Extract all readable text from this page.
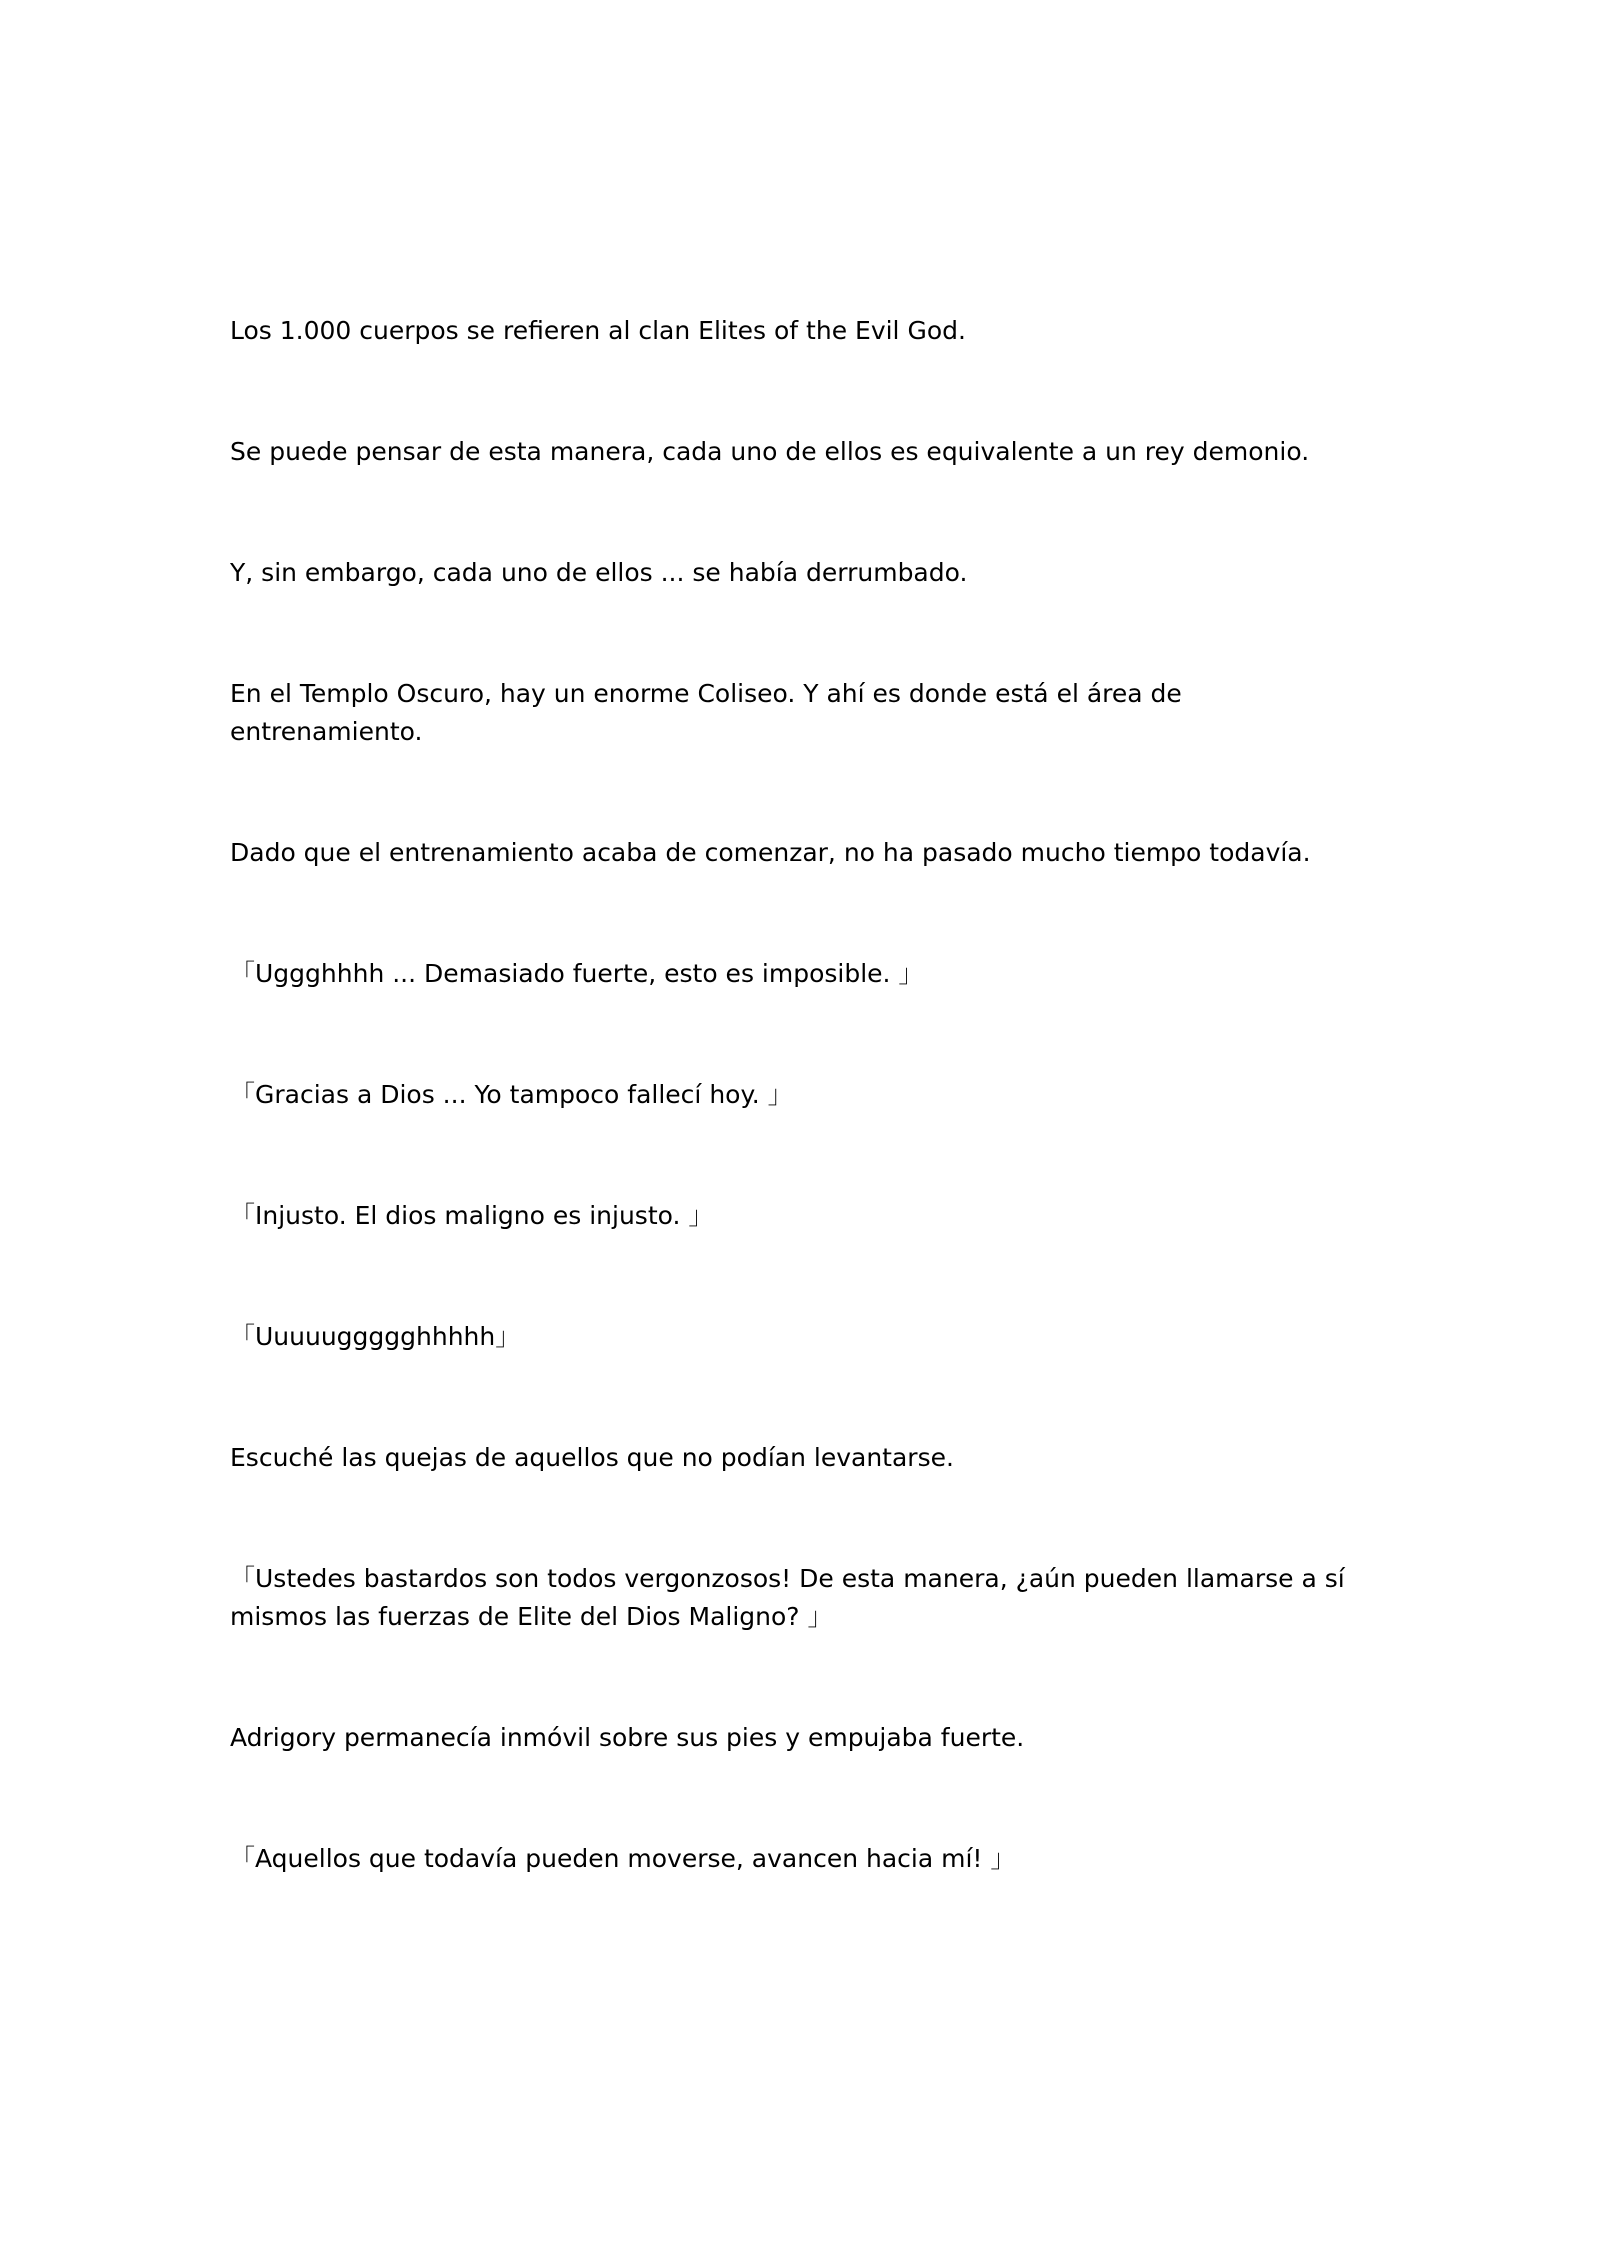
Los 1.000 cuerpos se refieren al clan Elites of the Evil God.

Se puede pensar de esta manera, cada uno de ellos es equivalente a un rey demonio.

Y, sin embargo, cada uno de ellos ... se había derrumbado.

En el Templo Oscuro, hay un enorme Coliseo. Y ahí es donde está el área de entrenamiento.

Dado que el entrenamiento acaba de comenzar, no ha pasado mucho tiempo todavía.

「Uggghhhh ... Demasiado fuerte, esto es imposible. 」

「Gracias a Dios ... Yo tampoco fallecí hoy. 」

「Injusto. El dios maligno es injusto. 」

「Uuuuuggggghhhhh」

Escuché las quejas de aquellos que no podían levantarse.

「Ustedes bastardos son todos vergonzosos! De esta manera, ¿aún pueden llamarse a sí mismos las fuerzas de Elite del Dios Maligno? 」

Adrigory permanecía inmóvil sobre sus pies y empujaba fuerte.

「Aquellos que todavía pueden moverse, avancen hacia mí! 」
